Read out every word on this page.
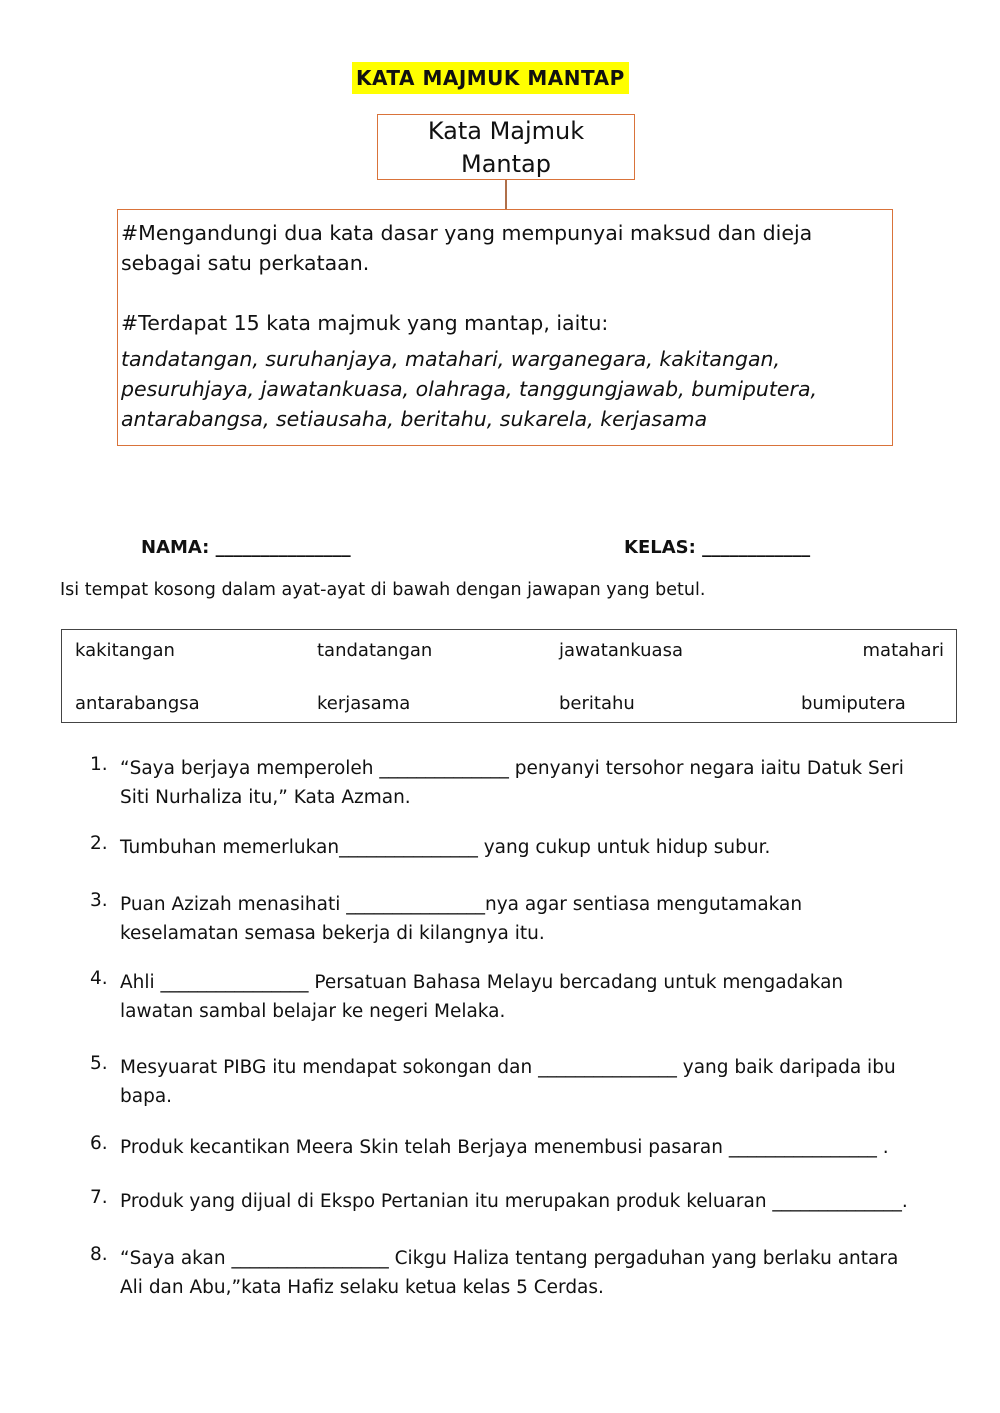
KATA MAJMUK MANTAP
Kata Majmuk
Mantap

#Mengandungi dua kata dasar yang mempunyai maksud dan dieja

sebagai satu perkataan.

#Terdapat 15 kata majmuk yang mantap, iaitu:

tandatangan, suruhanjaya, matahari, warganegara, kakitangan,

pesuruhjaya, jawatankuasa, olahraga, tanggungjawab, bumiputera,

antarabangsa, setiausaha, beritahu, sukarela, kerjasama

NAMA: _______________	KELAS: ____________
Isi tempat kosong dalam ayat-ayat di bawah dengan jawapan yang betul.
kakitangan	tandatangan	jawatankuasa	matahari
antarabangsa	kerjasama	beritahu	bumiputera
1. “Saya berjaya memperoleh ______________ penyanyi tersohor negara iaitu Datuk Seri
Siti Nurhaliza itu,” Kata Azman.
2. Tumbuhan memerlukan_______________ yang cukup untuk hidup subur.
3. Puan Azizah menasihati _______________nya agar sentiasa mengutamakan
keselamatan semasa bekerja di kilangnya itu.
4. Ahli ________________ Persatuan Bahasa Melayu bercadang untuk mengadakan
lawatan sambal belajar ke negeri Melaka.
5. Mesyuarat PIBG itu mendapat sokongan dan _______________ yang baik daripada ibu
bapa.
6. Produk kecantikan Meera Skin telah Berjaya menembusi pasaran ________________ .
7. Produk yang dijual di Ekspo Pertanian itu merupakan produk keluaran ______________.
8. “Saya akan _________________ Cikgu Haliza tentang pergaduhan yang berlaku antara
Ali dan Abu,”kata Hafiz selaku ketua kelas 5 Cerdas.
